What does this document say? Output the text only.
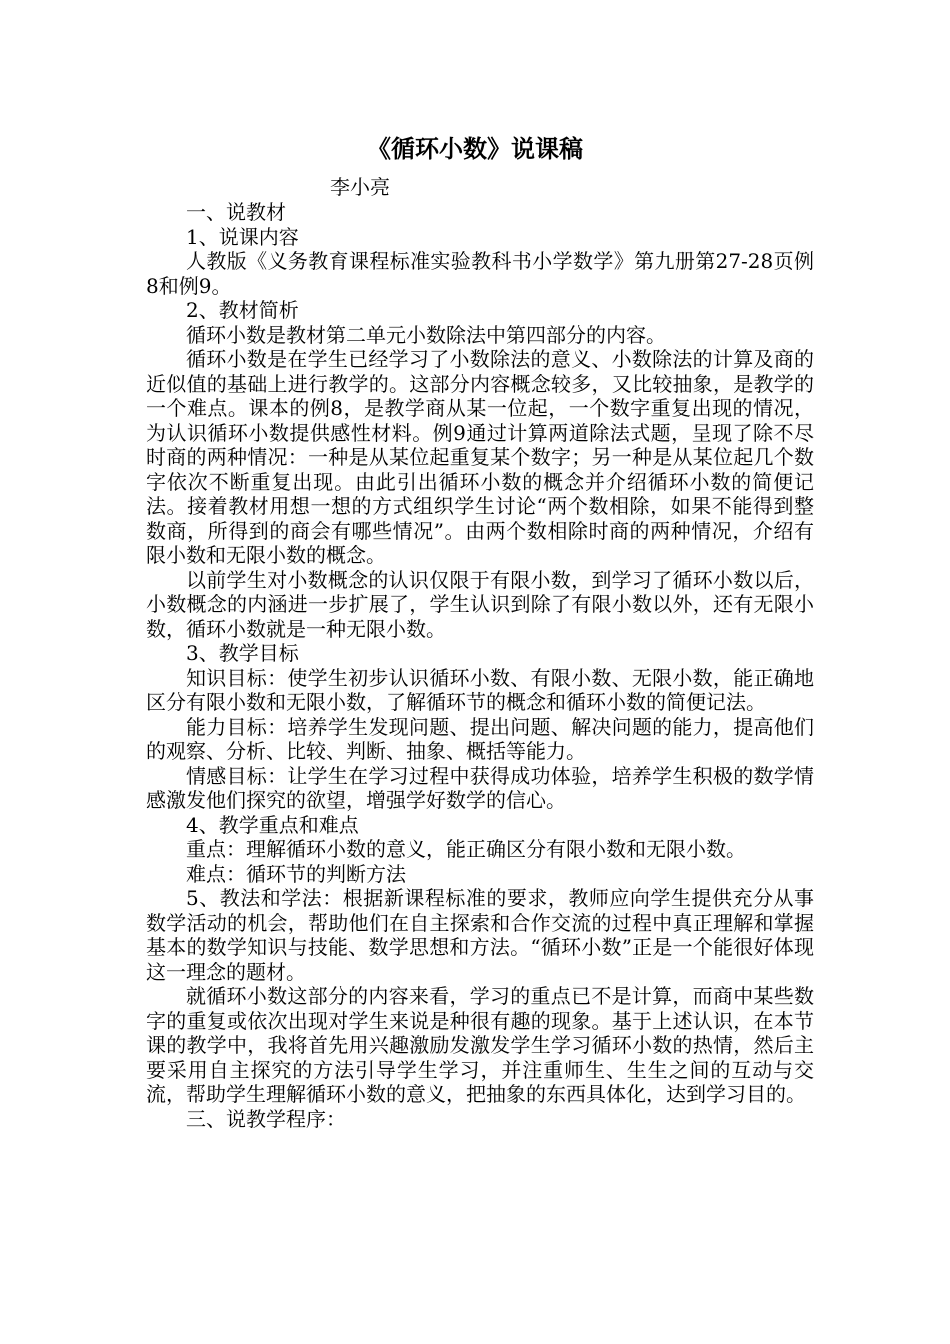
《循环小数》说课稿
李小亮

一、说教材

1、说课内容

人教版《义务教育课程标准实验教科书小学数学》第九册第27-28页例8和例9。

2、教材简析

循环小数是教材第二单元小数除法中第四部分的内容。

循环小数是在学生已经学习了小数除法的意义、小数除法的计算及商的近似值的基础上进行教学的。这部分内容概念较多，又比较抽象，是教学的一个难点。课本的例8，是教学商从某一位起，一个数字重复出现的情况，为认识循环小数提供感性材料。例9通过计算两道除法式题，呈现了除不尽时商的两种情况：一种是从某位起重复某个数字；另一种是从某位起几个数字依次不断重复出现。由此引出循环小数的概念并介绍循环小数的简便记法。接着教材用想一想的方式组织学生讨论“两个数相除，如果不能得到整数商，所得到的商会有哪些情况”。由两个数相除时商的两种情况，介绍有限小数和无限小数的概念。

以前学生对小数概念的认识仅限于有限小数，到学习了循环小数以后，小数概念的内涵进一步扩展了，学生认识到除了有限小数以外，还有无限小数，循环小数就是一种无限小数。

3、教学目标

知识目标：使学生初步认识循环小数、有限小数、无限小数，能正确地区分有限小数和无限小数，了解循环节的概念和循环小数的简便记法。

能力目标：培养学生发现问题、提出问题、解决问题的能力，提高他们的观察、分析、比较、判断、抽象、概括等能力。

情感目标：让学生在学习过程中获得成功体验，培养学生积极的数学情感激发他们探究的欲望，增强学好数学的信心。

4、教学重点和难点

重点：理解循环小数的意义，能正确区分有限小数和无限小数。

难点：循环节的判断方法

5、教法和学法：根据新课程标准的要求，教师应向学生提供充分从事数学活动的机会，帮助他们在自主探索和合作交流的过程中真正理解和掌握基本的数学知识与技能、数学思想和方法。“循环小数”正是一个能很好体现这一理念的题材。

就循环小数这部分的内容来看，学习的重点已不是计算，而商中某些数字的重复或依次出现对学生来说是种很有趣的现象。基于上述认识，在本节课的教学中，我将首先用兴趣激励发激发学生学习循环小数的热情，然后主要采用自主探究的方法引导学生学习，并注重师生、生生之间的互动与交流，帮助学生理解循环小数的意义，把抽象的东西具体化，达到学习目的。

三、说教学程序：
